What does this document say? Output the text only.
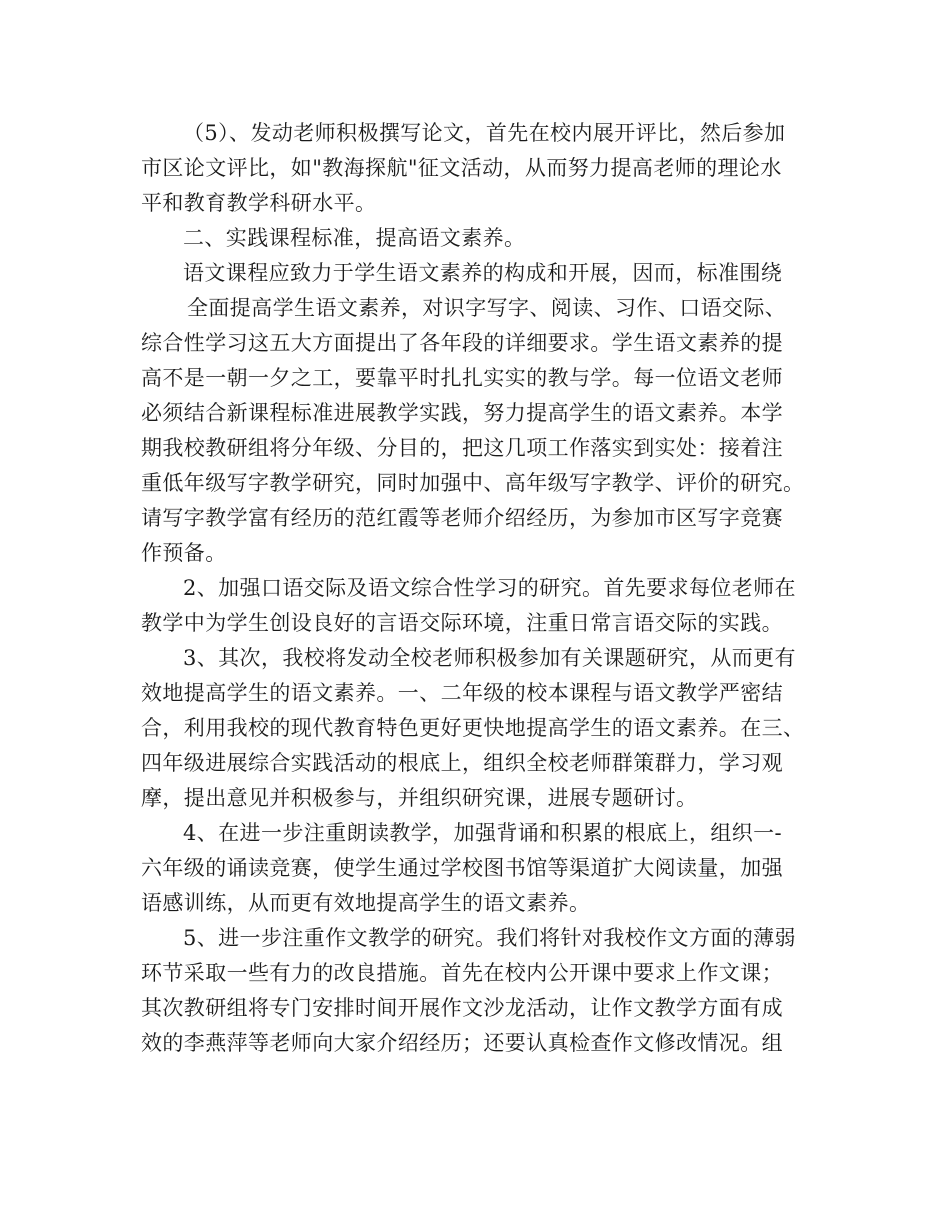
（5）、发动老师积极撰写论文，首先在校内展开评比，然后参加
市区论文评比，如"教海探航"征文活动，从而努力提高老师的理论水
平和教育教学科研水平。
二、实践课程标准，提高语文素养。
语文课程应致力于学生语文素养的构成和开展，因而，标准围绕
全面提高学生语文素养，对识字写字、阅读、习作、口语交际、
综合性学习这五大方面提出了各年段的详细要求。学生语文素养的提
高不是一朝一夕之工，要靠平时扎扎实实的教与学。每一位语文老师
必须结合新课程标准进展教学实践，努力提高学生的语文素养。本学
期我校教研组将分年级、分目的，把这几项工作落实到实处：接着注
重低年级写字教学研究，同时加强中、高年级写字教学、评价的研究。
请写字教学富有经历的范红霞等老师介绍经历，为参加市区写字竞赛
作预备。
2、加强口语交际及语文综合性学习的研究。首先要求每位老师在
教学中为学生创设良好的言语交际环境，注重日常言语交际的实践。
3、其次，我校将发动全校老师积极参加有关课题研究，从而更有
效地提高学生的语文素养。一、二年级的校本课程与语文教学严密结
合，利用我校的现代教育特色更好更快地提高学生的语文素养。在三、
四年级进展综合实践活动的根底上，组织全校老师群策群力，学习观
摩，提出意见并积极参与，并组织研究课，进展专题研讨。
4、在进一步注重朗读教学，加强背诵和积累的根底上，组织一-
六年级的诵读竞赛，使学生通过学校图书馆等渠道扩大阅读量，加强
语感训练，从而更有效地提高学生的语文素养。
5、进一步注重作文教学的研究。我们将针对我校作文方面的薄弱
环节采取一些有力的改良措施。首先在校内公开课中要求上作文课；
其次教研组将专门安排时间开展作文沙龙活动，让作文教学方面有成
效的李燕萍等老师向大家介绍经历；还要认真检查作文修改情况。组
